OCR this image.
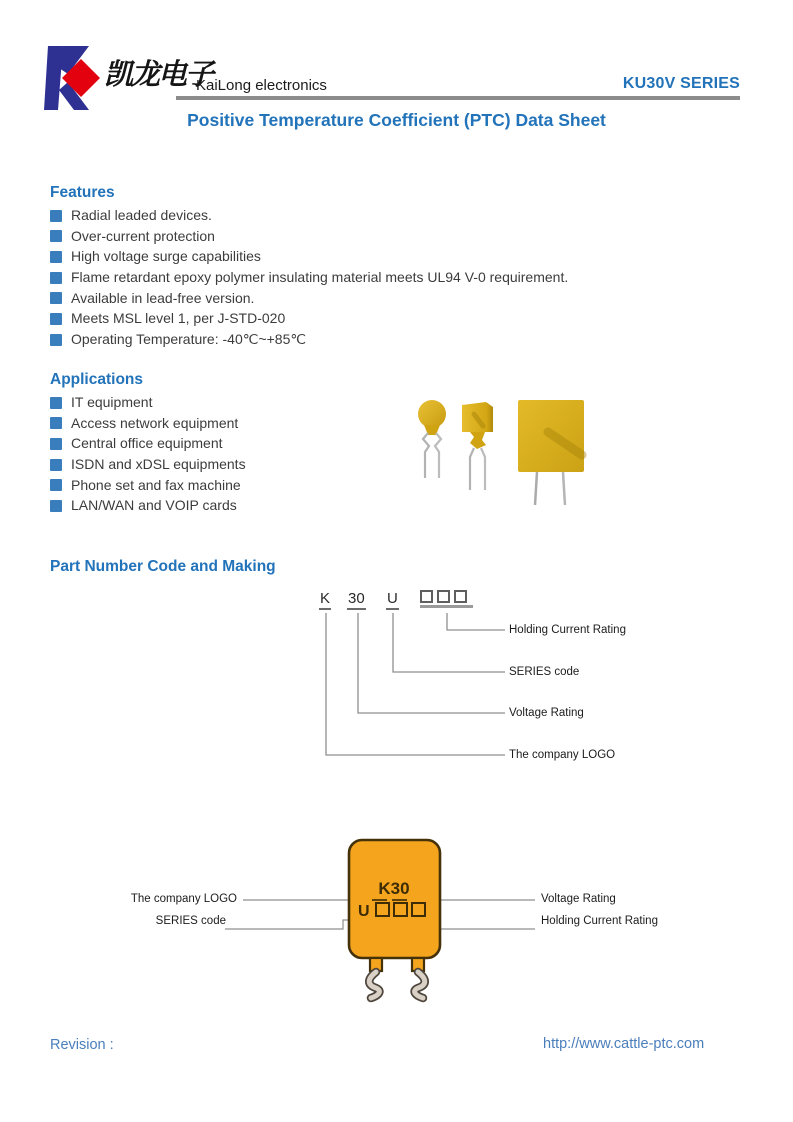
凯龙电子
KaiLong electronics	KU30V SERIES
Positive Temperature Coefficient (PTC) Data Sheet
Features
Radial leaded devices.
Over-current protection
High voltage surge capabilities
Flame retardant epoxy polymer insulating material meets UL94 V-0 requirement.
Available in lead-free version.
Meets MSL level 1, per J-STD-020
Operating Temperature: -40℃~+85℃
Applications
IT equipment
Access network equipment
Central office equipment
ISDN and xDSL equipments
Phone set and fax machine
LAN/WAN and VOIP cards
Part Number Code and Making
K 30 U
Holding Current Rating
SERIES code
Voltage Rating
The company LOGO
K30
U
The company LOGO
SERIES code
Voltage Rating
Holding Current Rating
Revision :	http://www.cattle-ptc.com
